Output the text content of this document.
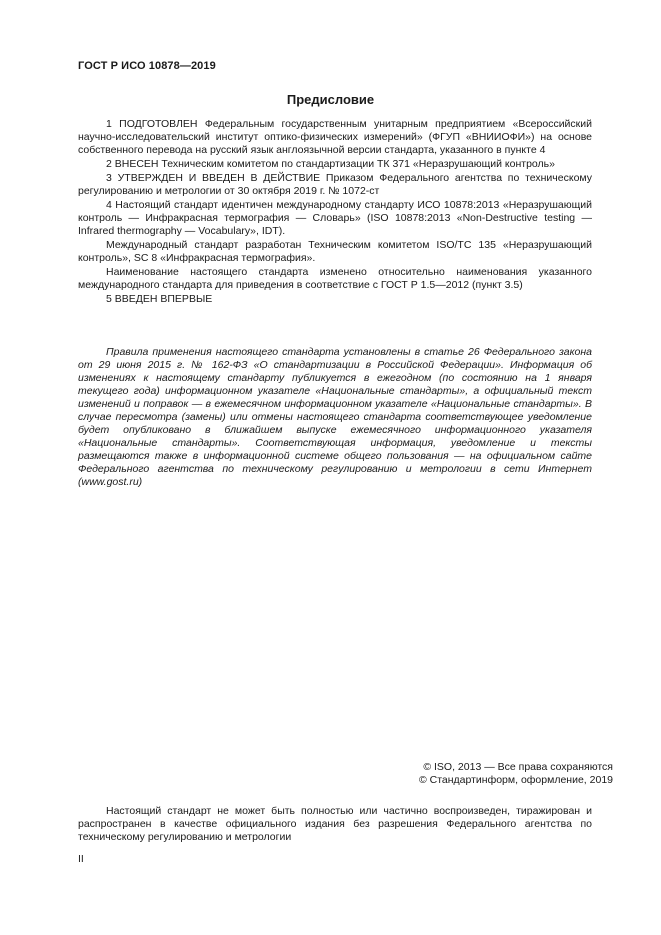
ГОСТ Р ИСО 10878—2019
Предисловие

1 ПОДГОТОВЛЕН Федеральным государственным унитарным предприятием «Всероссийский научно-исследовательский институт оптико-физических измерений» (ФГУП «ВНИИОФИ») на основе собственного перевода на русский язык англоязычной версии стандарта, указанного в пункте 4

2 ВНЕСЕН Техническим комитетом по стандартизации ТК 371 «Неразрушающий контроль»

3 УТВЕРЖДЕН И ВВЕДЕН В ДЕЙСТВИЕ Приказом Федерального агентства по техническому регулированию и метрологии от 30 октября 2019 г. № 1072-ст

4 Настоящий стандарт идентичен международному стандарту ИСО 10878:2013 «Неразрушающий контроль — Инфракрасная термография — Словарь» (ISO 10878:2013 «Non-Destructive testing — Infrared thermography — Vocabulary», IDT).

Международный стандарт разработан Техническим комитетом ISO/TC 135 «Неразрушающий контроль», SC 8 «Инфракрасная термография».

Наименование настоящего стандарта изменено относительно наименования указанного международного стандарта для приведения в соответствие с ГОСТ Р 1.5—2012 (пункт 3.5)

5 ВВЕДЕН ВПЕРВЫЕ

Правила применения настоящего стандарта установлены в статье 26 Федерального закона от 29 июня 2015 г. № 162-ФЗ «О стандартизации в Российской Федерации». Информация об изменениях к настоящему стандарту публикуется в ежегодном (по состоянию на 1 января текущего года) информационном указателе «Национальные стандарты», а официальный текст изменений и поправок — в ежемесячном информационном указателе «Национальные стандарты». В случае пересмотра (замены) или отмены настоящего стандарта соответствующее уведомление будет опубликовано в ближайшем выпуске ежемесячного информационного указателя «Национальные стандарты». Соответствующая информация, уведомление и тексты размещаются также в информационной системе общего пользования — на официальном сайте Федерального агентства по техническому регулированию и метрологии в сети Интернет (www.gost.ru)

© ISO, 2013 — Все права сохраняются
© Стандартинформ, оформление, 2019

Настоящий стандарт не может быть полностью или частично воспроизведен, тиражирован и распространен в качестве официального издания без разрешения Федерального агентства по техническому регулированию и метрологии

II
